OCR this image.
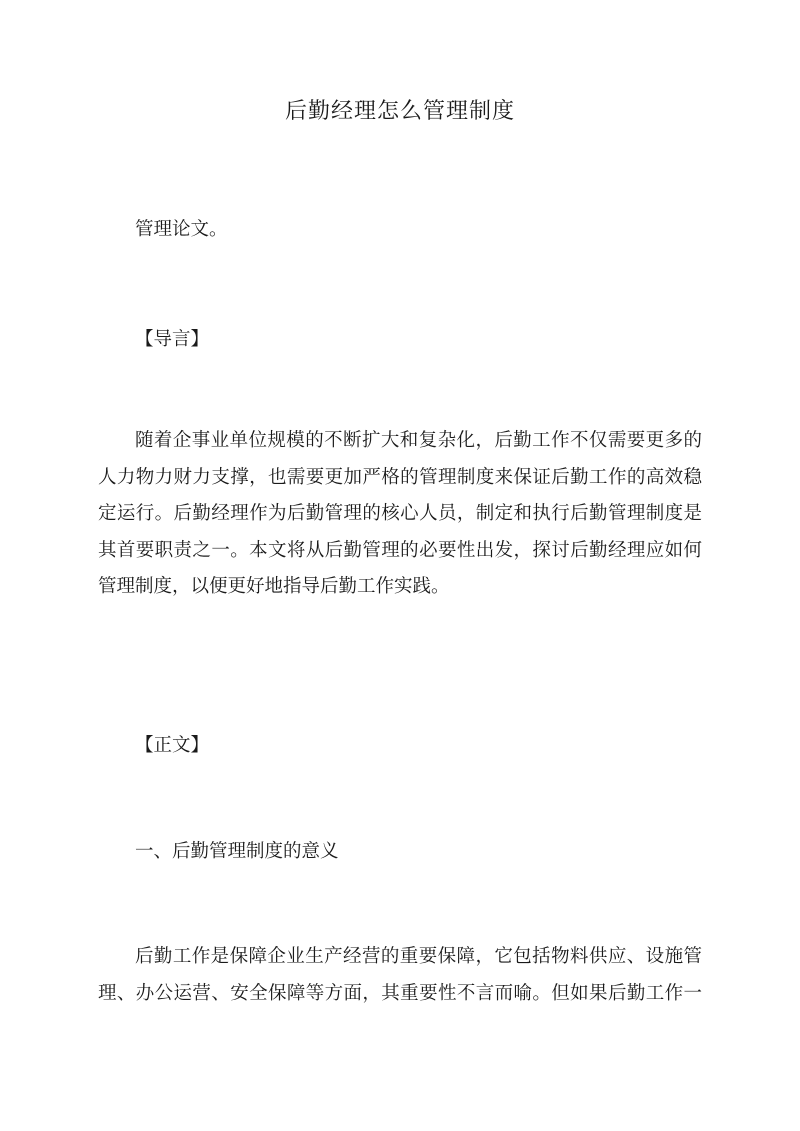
后勤经理怎么管理制度

管理论文。

【导言】

随着企事业单位规模的不断扩大和复杂化，后勤工作不仅需要更多的
人力物力财力支撑，也需要更加严格的管理制度来保证后勤工作的高效稳
定运行。后勤经理作为后勤管理的核心人员，制定和执行后勤管理制度是
其首要职责之一。本文将从后勤管理的必要性出发，探讨后勤经理应如何
管理制度，以便更好地指导后勤工作实践。

【正文】

一、后勤管理制度的意义

后勤工作是保障企业生产经营的重要保障，它包括物料供应、设施管
理、办公运营、安全保障等方面，其重要性不言而喻。但如果后勤工作一
